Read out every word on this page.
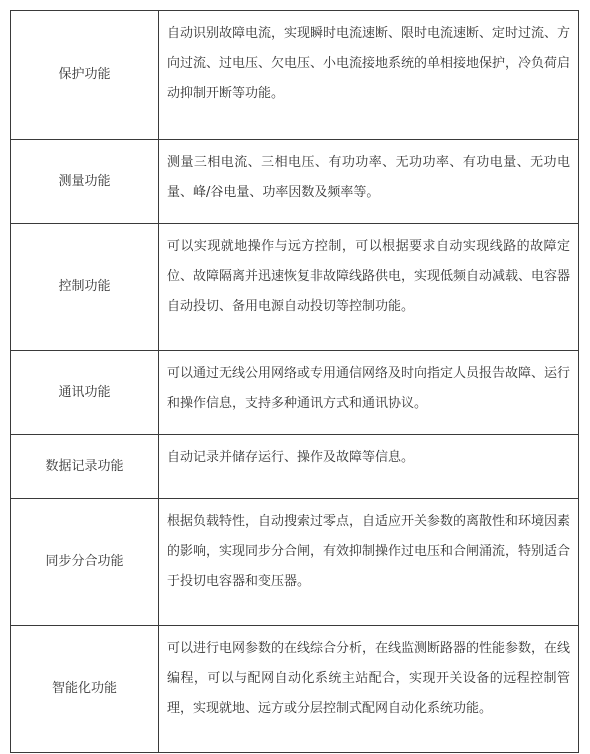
保护功能	自动识别故障电流，实现瞬时电流速断、限时电流速断、定时过流、方向过流、过电压、欠电压、小电流接地系统的单相接地保护，冷负荷启动抑制开断等功能。
测量功能	测量三相电流、三相电压、有功功率、无功功率、有功电量、无功电量、峰/谷电量、功率因数及频率等。
控制功能	可以实现就地操作与远方控制，可以根据要求自动实现线路的故障定位、故障隔离并迅速恢复非故障线路供电，实现低频自动减载、电容器自动投切、备用电源自动投切等控制功能。
通讯功能	可以通过无线公用网络或专用通信网络及时向指定人员报告故障、运行和操作信息，支持多种通讯方式和通讯协议。
数据记录功能	自动记录并储存运行、操作及故障等信息。
同步分合功能	根据负载特性，自动搜索过零点，自适应开关参数的离散性和环境因素的影响，实现同步分合闸，有效抑制操作过电压和合闸涌流，特别适合于投切电容器和变压器。
智能化功能	可以进行电网参数的在线综合分析，在线监测断路器的性能参数，在线编程，可以与配网自动化系统主站配合，实现开关设备的远程控制管理，实现就地、远方或分层控制式配网自动化系统功能。
